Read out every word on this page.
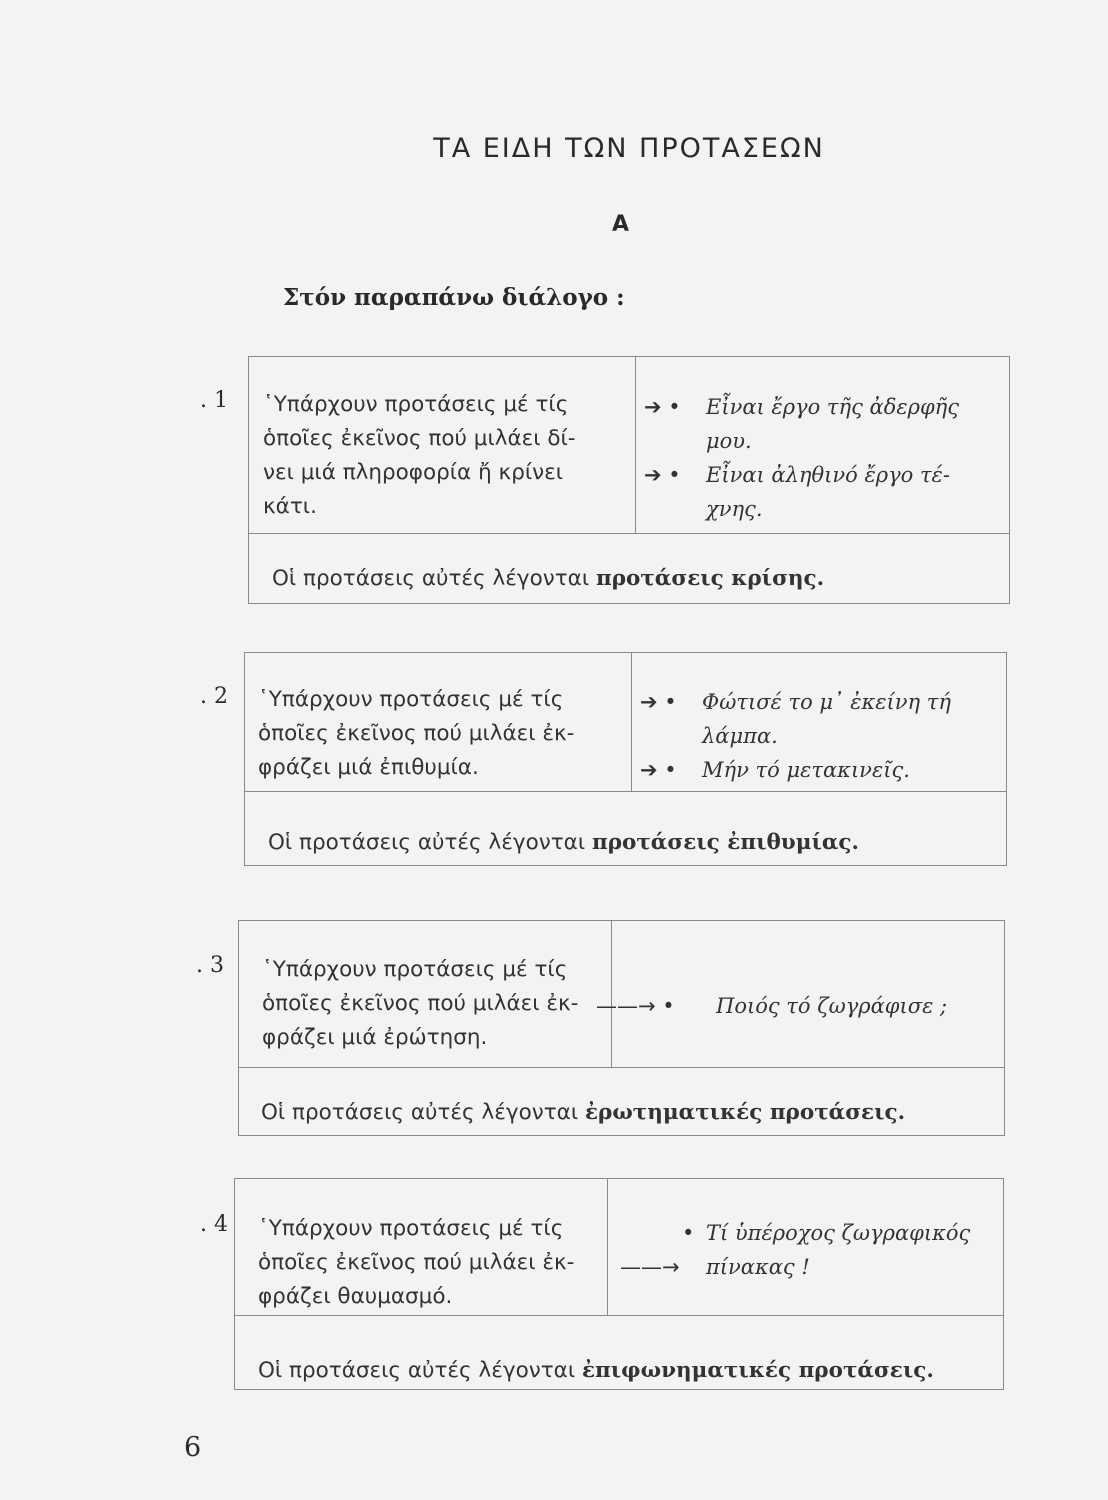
ΤΑ ΕΙΔΗ ΤΩΝ ΠΡΟΤΑΣΕΩΝ
Α
Στόν παραπάνω διάλογο :
. 1 ῾Υπάρχουν προτάσεις μέ τίς
ὁποῖες ἐκεῖνος πού μιλάει δί-
νει μιά πληροφορία ἤ κρίνει
κάτι.
➔ • Εἶναι ἔργο τῆς ἀδερφῆς
μου.
➔ • Εἶναι ἀληθινό ἔργο τέ-
χνης.
Οἱ προτάσεις αὐτές λέγονται προτάσεις κρίσης.
. 2 ῾Υπάρχουν προτάσεις μέ τίς
ὁποῖες ἐκεῖνος πού μιλάει ἐκ-
φράζει μιά ἐπιθυμία.
➔ • Φώτισέ το μ᾽ ἐκείνη τή
λάμπα.
➔ • Μήν τό μετακινεῖς.
Οἱ προτάσεις αὐτές λέγονται προτάσεις ἐπιθυμίας.
. 3 ῾Υπάρχουν προτάσεις μέ τίς
ὁποῖες ἐκεῖνος πού μιλάει ἐκ-
φράζει μιά ἐρώτηση.
——→ • Ποιός τό ζωγράφισε ;
Οἱ προτάσεις αὐτές λέγονται ἐρωτηματικές προτάσεις.
. 4 ῾Υπάρχουν προτάσεις μέ τίς
ὁποῖες ἐκεῖνος πού μιλάει ἐκ-
φράζει θαυμασμό.
• Τί ὑπέροχος ζωγραφικός
——→ πίνακας !
Οἱ προτάσεις αὐτές λέγονται ἐπιφωνηματικές προτάσεις.
6
